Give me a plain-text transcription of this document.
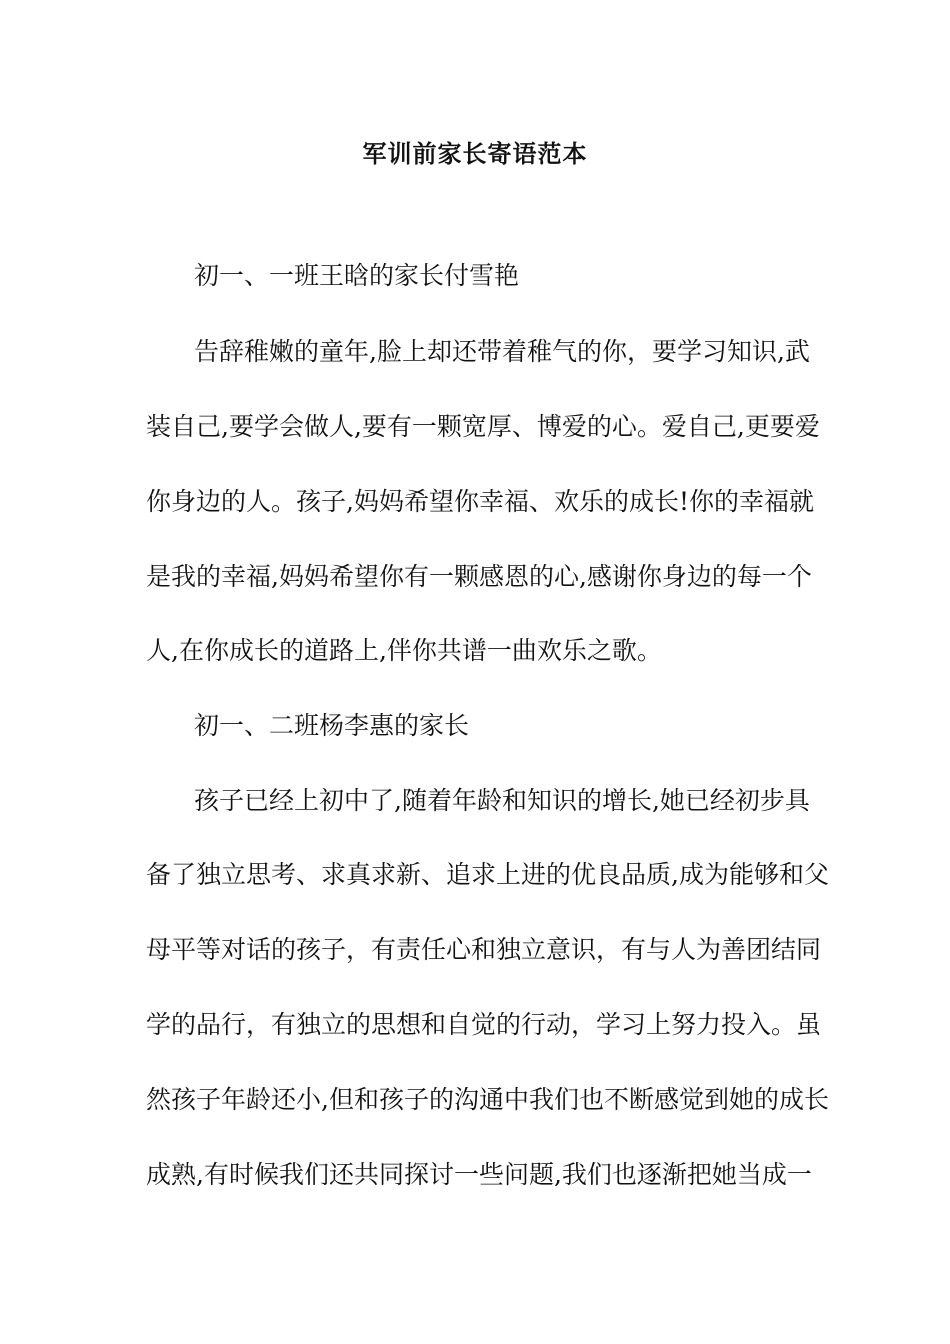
军训前家长寄语范本
初一、一班王晗的家长付雪艳
告辞稚嫩的童年,脸上却还带着稚气的你，要学习知识,武
装自己,要学会做人,要有一颗宽厚、博爱的心。爱自己,更要爱
你身边的人。孩子,妈妈希望你幸福、欢乐的成长!你的幸福就
是我的幸福,妈妈希望你有一颗感恩的心,感谢你身边的每一个
人,在你成长的道路上,伴你共谱一曲欢乐之歌。
初一、二班杨李惠的家长
孩子已经上初中了,随着年龄和知识的增长,她已经初步具
备了独立思考、求真求新、追求上进的优良品质,成为能够和父
母平等对话的孩子，有责任心和独立意识，有与人为善团结同
学的品行，有独立的思想和自觉的行动，学习上努力投入。虽
然孩子年龄还小,但和孩子的沟通中我们也不断感觉到她的成长
成熟,有时候我们还共同探讨一些问题,我们也逐渐把她当成一
